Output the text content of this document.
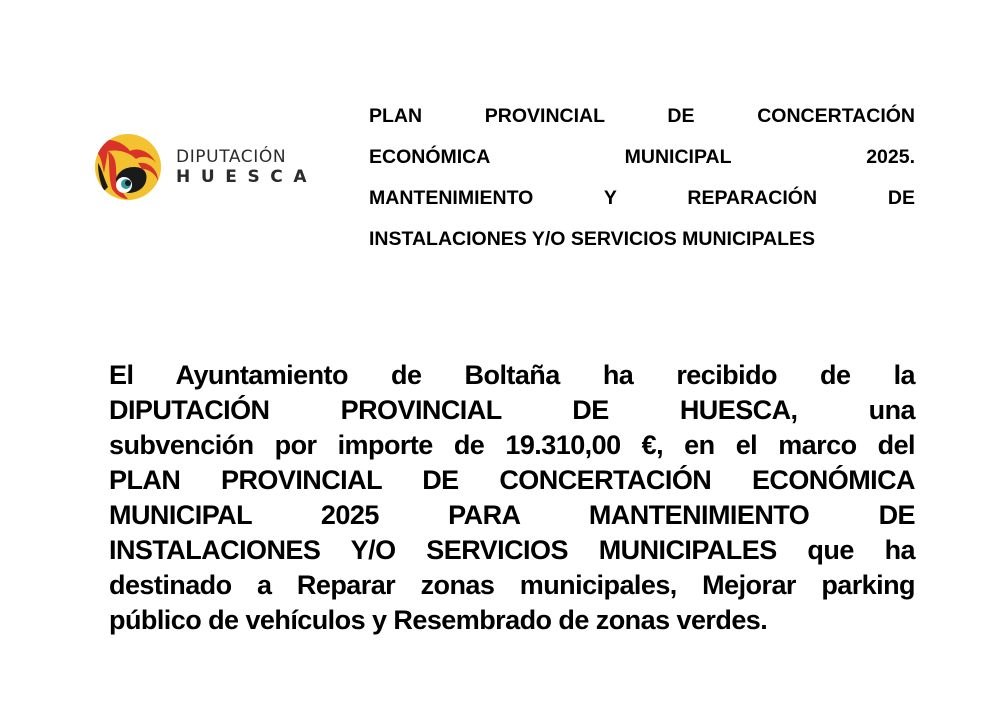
DIPUTACIÓN
HUESCA
PLAN PROVINCIAL DE CONCERTACIÓN
ECONÓMICA MUNICIPAL 2025.
MANTENIMIENTO Y REPARACIÓN DE
INSTALACIONES Y/O SERVICIOS MUNICIPALES
El Ayuntamiento de Boltaña ha recibido de la
DIPUTACIÓN PROVINCIAL DE HUESCA, una
subvención por importe de 19.310,00 €, en el marco del
PLAN PROVINCIAL DE CONCERTACIÓN ECONÓMICA
MUNICIPAL 2025 PARA MANTENIMIENTO DE
INSTALACIONES Y/O SERVICIOS MUNICIPALES que ha
destinado a Reparar zonas municipales, Mejorar parking
público de vehículos y Resembrado de zonas verdes.
